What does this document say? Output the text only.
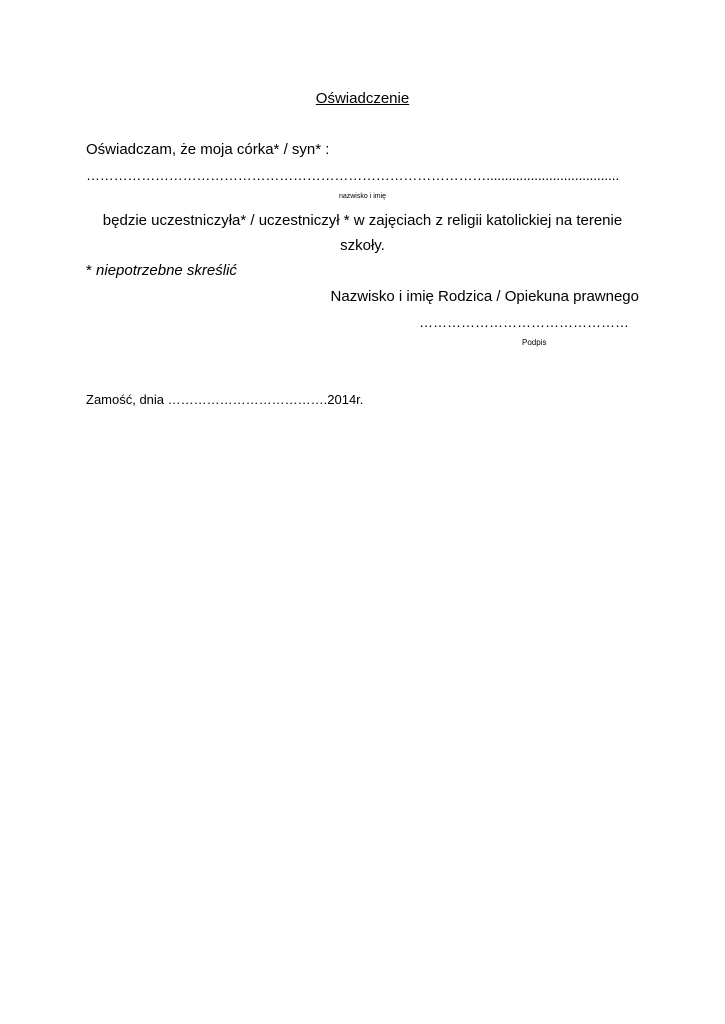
Oświadczenie
Oświadczam, że moja córka* / syn* :
……………………………………………………………………………....................................
nazwisko i imię
będzie uczestniczyła* / uczestniczył * w zajęciach z religii katolickiej na terenie
szkoły.
* niepotrzebne skreślić
Nazwisko i imię Rodzica / Opiekuna prawnego
………………………………………
Podpis
Zamość, dnia ……………………………….2014r.
